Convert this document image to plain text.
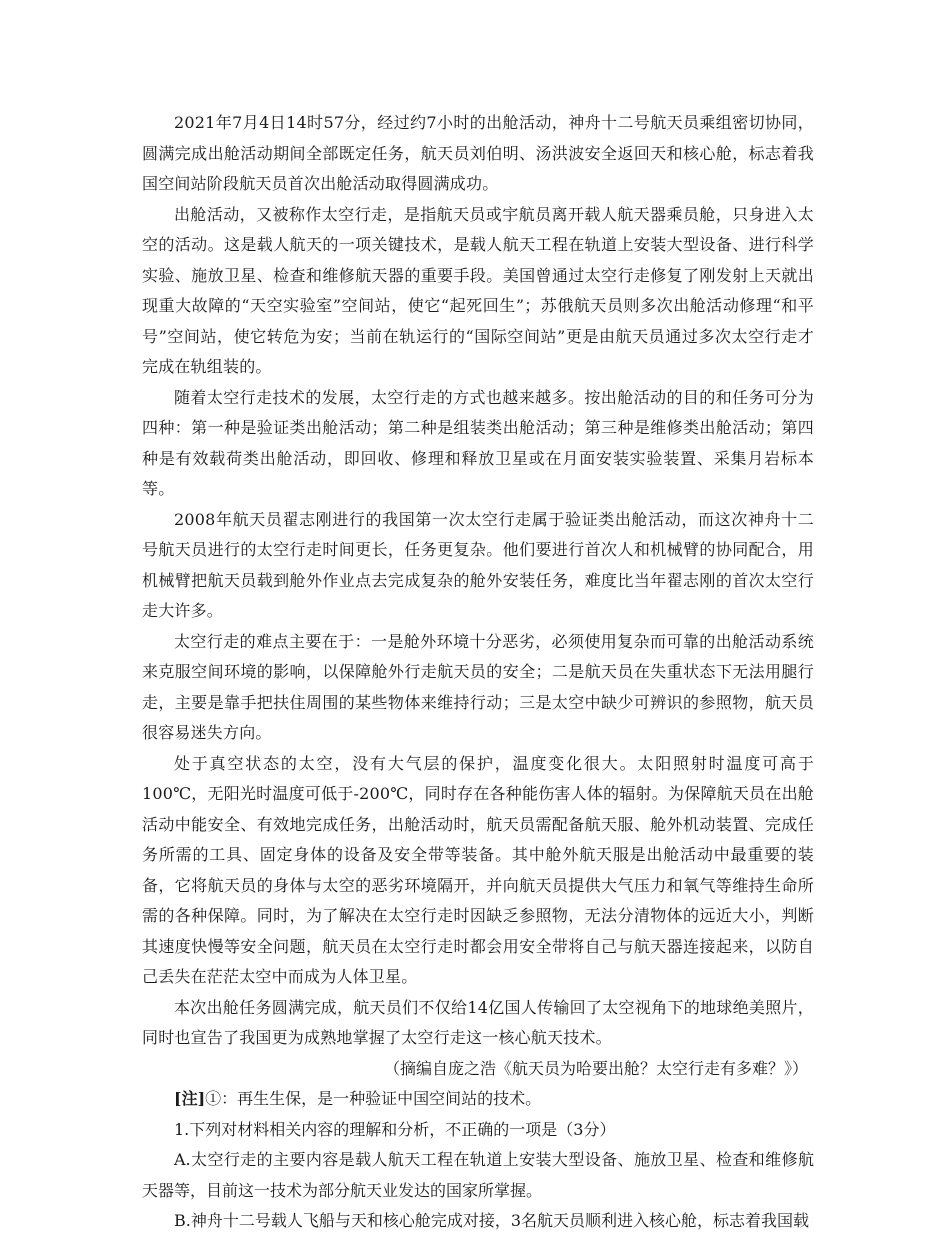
2021年7月4日14时57分，经过约7小时的出舱活动，神舟十二号航天员乘组密切协同，圆满完成出舱活动期间全部既定任务，航天员刘伯明、汤洪波安全返回天和核心舱，标志着我国空间站阶段航天员首次出舱活动取得圆满成功。

出舱活动，又被称作太空行走，是指航天员或宇航员离开载人航天器乘员舱，只身进入太空的活动。这是载人航天的一项关键技术，是载人航天工程在轨道上安装大型设备、进行科学实验、施放卫星、检查和维修航天器的重要手段。美国曾通过太空行走修复了刚发射上天就出现重大故障的“天空实验室”空间站，使它“起死回生”；苏俄航天员则多次出舱活动修理“和平号”空间站，使它转危为安；当前在轨运行的“国际空间站”更是由航天员通过多次太空行走才完成在轨组装的。

随着太空行走技术的发展，太空行走的方式也越来越多。按出舱活动的目的和任务可分为四种：第一种是验证类出舱活动；第二种是组装类出舱活动；第三种是维修类出舱活动；第四种是有效载荷类出舱活动，即回收、修理和释放卫星或在月面安装实验装置、采集月岩标本等。

2008年航天员翟志刚进行的我国第一次太空行走属于验证类出舱活动，而这次神舟十二号航天员进行的太空行走时间更长，任务更复杂。他们要进行首次人和机械臂的协同配合，用机械臂把航天员载到舱外作业点去完成复杂的舱外安装任务，难度比当年翟志刚的首次太空行走大许多。

太空行走的难点主要在于：一是舱外环境十分恶劣，必须使用复杂而可靠的出舱活动系统来克服空间环境的影响，以保障舱外行走航天员的安全；二是航天员在失重状态下无法用腿行走，主要是靠手把扶住周围的某些物体来维持行动；三是太空中缺少可辨识的参照物，航天员很容易迷失方向。

处于真空状态的太空，没有大气层的保护，温度变化很大。太阳照射时温度可高于100℃，无阳光时温度可低于-200℃，同时存在各种能伤害人体的辐射。为保障航天员在出舱活动中能安全、有效地完成任务，出舱活动时，航天员需配备航天服、舱外机动装置、完成任务所需的工具、固定身体的设备及安全带等装备。其中舱外航天服是出舱活动中最重要的装备，它将航天员的身体与太空的恶劣环境隔开，并向航天员提供大气压力和氧气等维持生命所需的各种保障。同时，为了解决在太空行走时因缺乏参照物，无法分清物体的远近大小，判断其速度快慢等安全问题，航天员在太空行走时都会用安全带将自己与航天器连接起来，以防自己丢失在茫茫太空中而成为人体卫星。

本次出舱任务圆满完成，航天员们不仅给14亿国人传输回了太空视角下的地球绝美照片，同时也宣告了我国更为成熟地掌握了太空行走这一核心航天技术。

（摘编自庞之浩《航天员为哈要出舱？太空行走有多难？》）

[注]①：再生生保，是一种验证中国空间站的技术。

1.下列对材料相关内容的理解和分析，不正确的一项是（3分）

A.太空行走的主要内容是载人航天工程在轨道上安装大型设备、施放卫星、检查和维修航天器等，目前这一技术为部分航天业发达的国家所掌握。

B.神舟十二号载人飞船与天和核心舱完成对接，3名航天员顺利进入核心舱，标志着我国载
